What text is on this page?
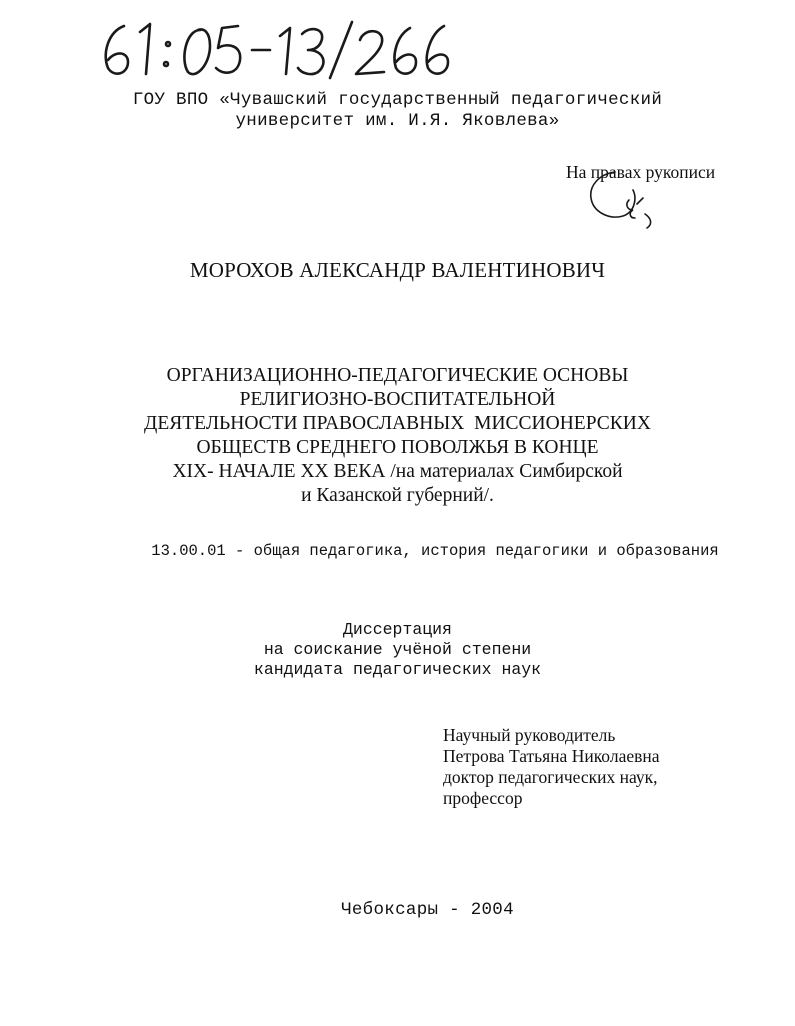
ГОУ ВПО «Чувашский государственный педагогический
университет им. И.Я. Яковлева»
На правах рукописи
МОРОХОВ АЛЕКСАНДР ВАЛЕНТИНОВИЧ
ОРГАНИЗАЦИОННО-ПЕДАГОГИЧЕСКИЕ ОСНОВЫ
РЕЛИГИОЗНО-ВОСПИТАТЕЛЬНОЙ
ДЕЯТЕЛЬНОСТИ ПРАВОСЛАВНЫХ  МИССИОНЕРСКИХ
ОБЩЕСТВ СРЕДНЕГО ПОВОЛЖЬЯ В КОНЦЕ
XIX- НАЧАЛЕ XX ВЕКА /на материалах Симбирской
и Казанской губерний/.
13.00.01 - общая педагогика, история педагогики и образования
Диссертация
на соискание учёной степени
кандидата педагогических наук
Научный руководитель
Петрова Татьяна Николаевна
доктор педагогических наук,
профессор
Чебоксары - 2004
